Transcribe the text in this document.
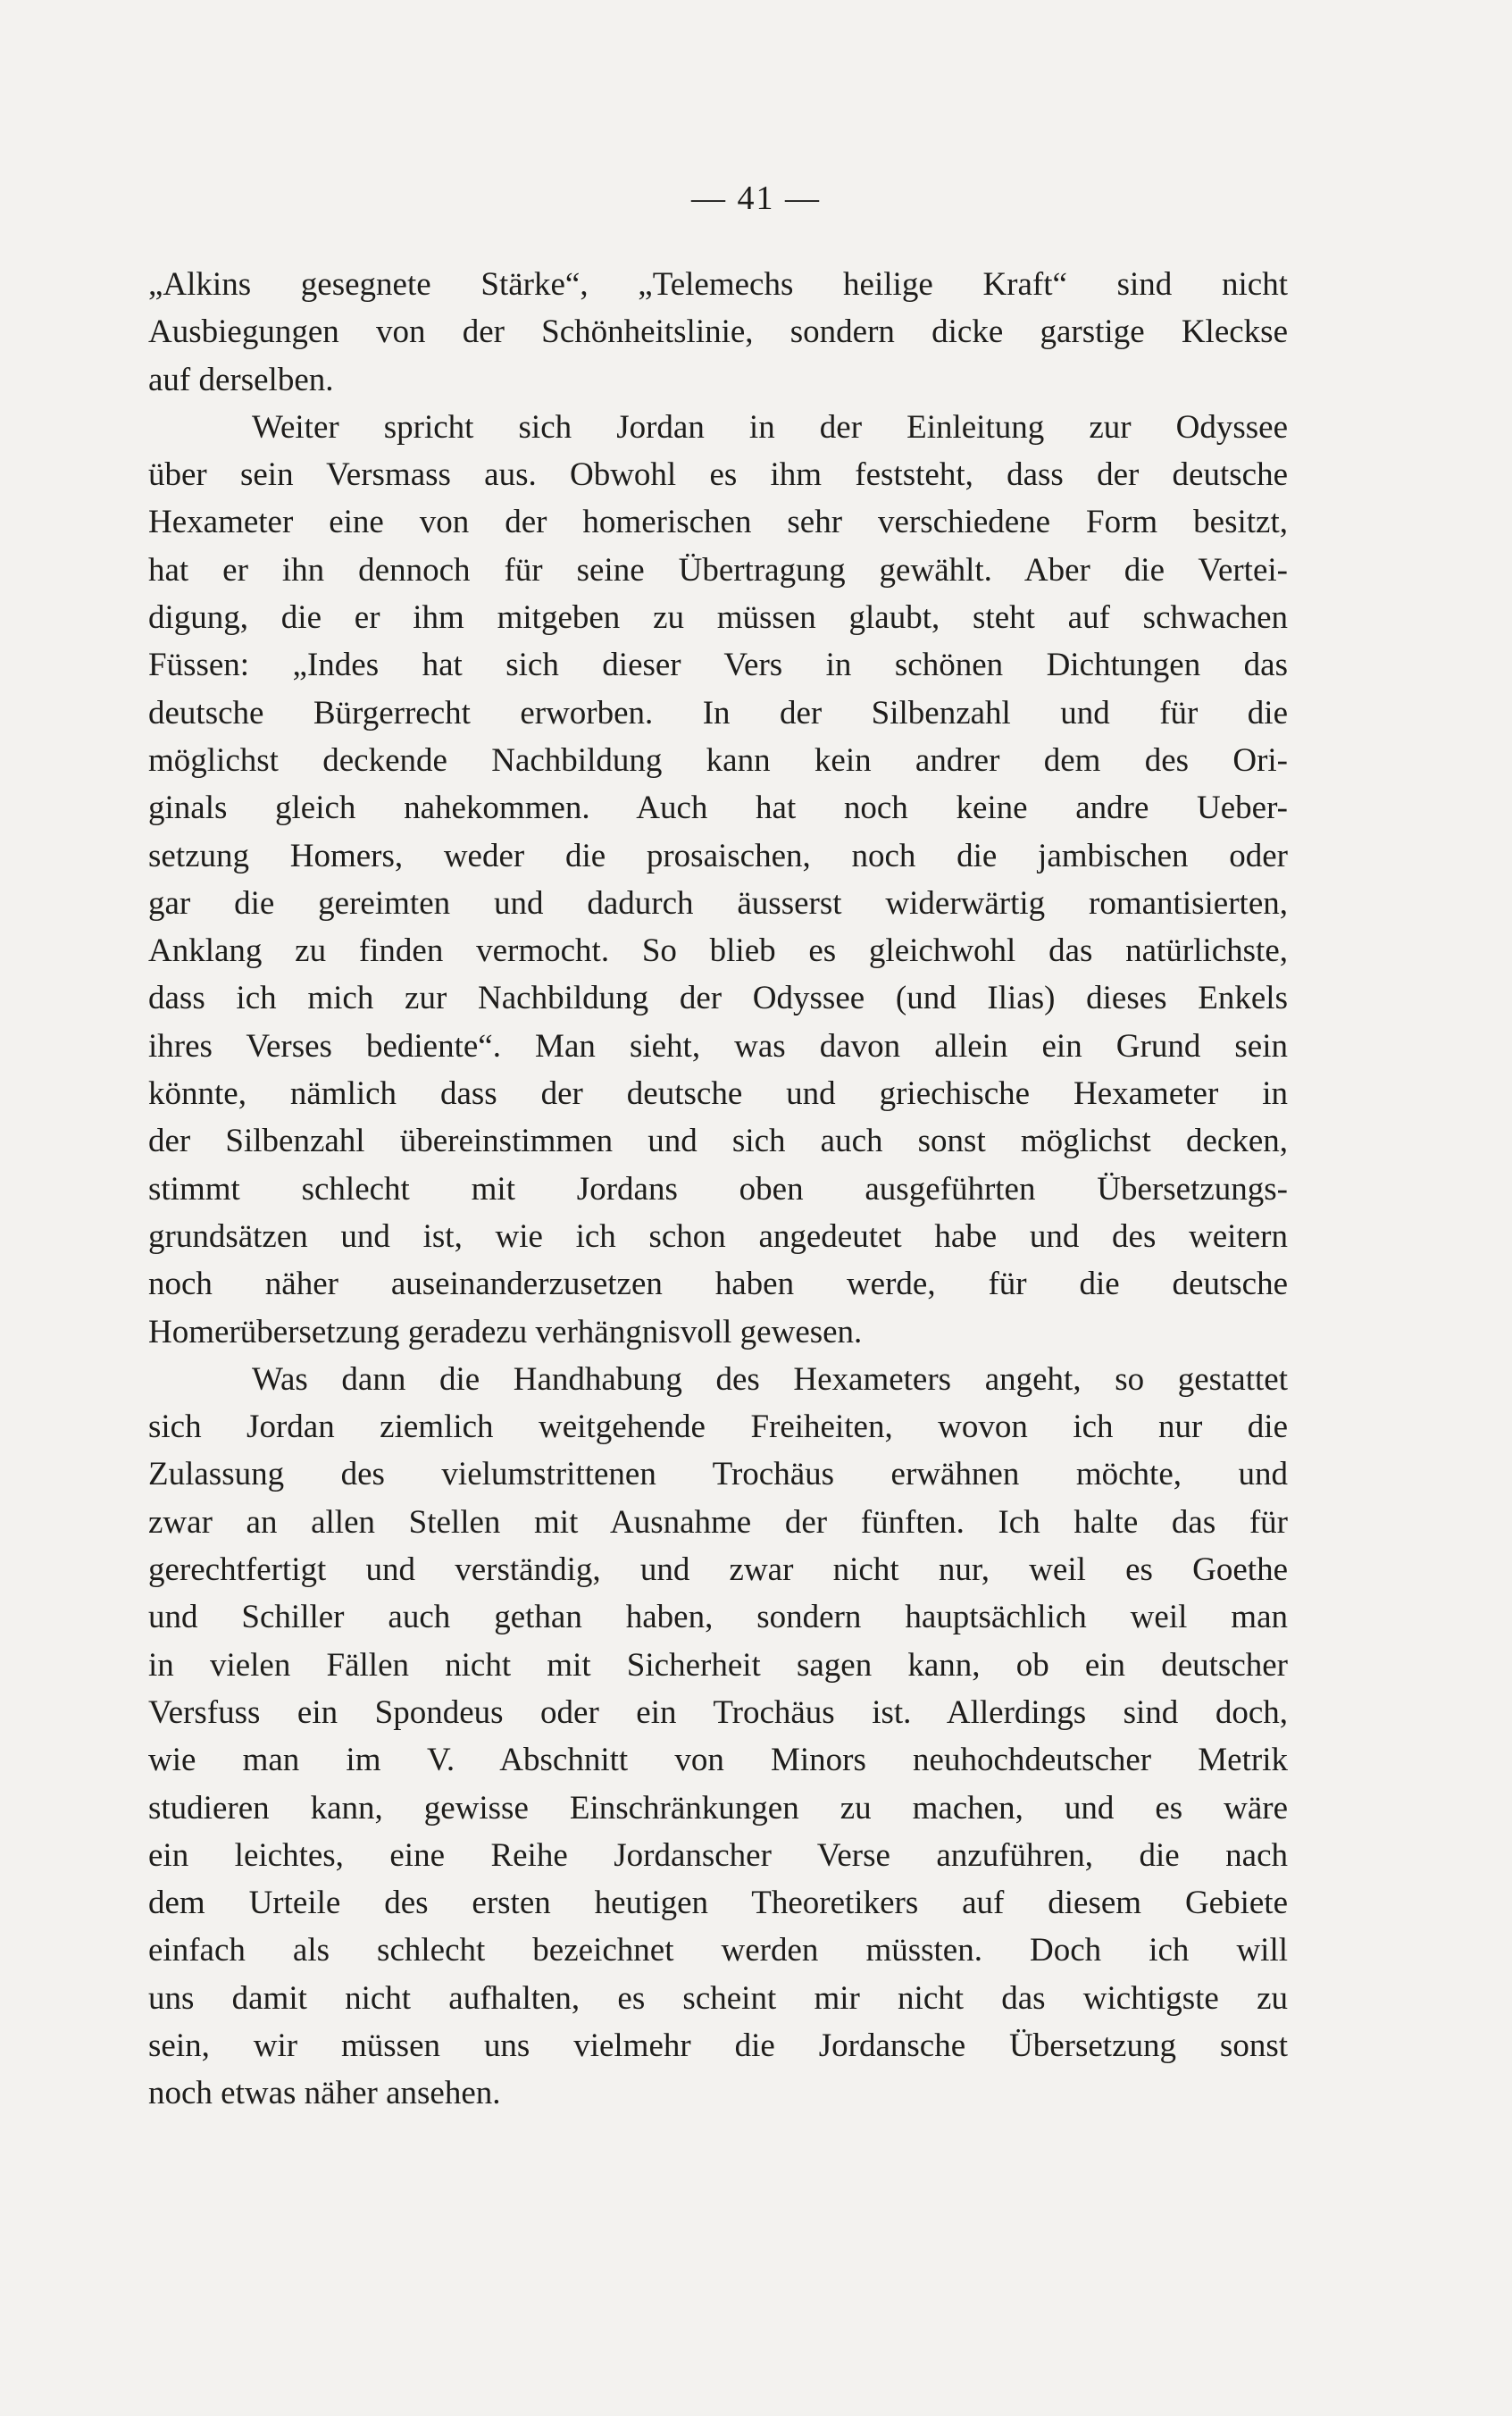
— 41 —
„Alkins gesegnete Stärke“, „Telemechs heilige Kraft“ sind nicht
Ausbiegungen von der Schönheitslinie, sondern dicke garstige Kleckse
auf derselben.
Weiter spricht sich Jordan in der Einleitung zur Odyssee
über sein Versmass aus. Obwohl es ihm feststeht, dass der deutsche
Hexameter eine von der homerischen sehr verschiedene Form besitzt,
hat er ihn dennoch für seine Übertragung gewählt. Aber die Vertei-
digung, die er ihm mitgeben zu müssen glaubt, steht auf schwachen
Füssen: „Indes hat sich dieser Vers in schönen Dichtungen das
deutsche Bürgerrecht erworben. In der Silbenzahl und für die
möglichst deckende Nachbildung kann kein andrer dem des Ori-
ginals gleich nahekommen. Auch hat noch keine andre Ueber-
setzung Homers, weder die prosaischen, noch die jambischen oder
gar die gereimten und dadurch äusserst widerwärtig romantisierten,
Anklang zu finden vermocht. So blieb es gleichwohl das natürlichste,
dass ich mich zur Nachbildung der Odyssee (und Ilias) dieses Enkels
ihres Verses bediente“. Man sieht, was davon allein ein Grund sein
könnte, nämlich dass der deutsche und griechische Hexameter in
der Silbenzahl übereinstimmen und sich auch sonst möglichst decken,
stimmt schlecht mit Jordans oben ausgeführten Übersetzungs-
grundsätzen und ist, wie ich schon angedeutet habe und des weitern
noch näher auseinanderzusetzen haben werde, für die deutsche
Homerübersetzung geradezu verhängnisvoll gewesen.
Was dann die Handhabung des Hexameters angeht, so gestattet
sich Jordan ziemlich weitgehende Freiheiten, wovon ich nur die
Zulassung des vielumstrittenen Trochäus erwähnen möchte, und
zwar an allen Stellen mit Ausnahme der fünften. Ich halte das für
gerechtfertigt und verständig, und zwar nicht nur, weil es Goethe
und Schiller auch gethan haben, sondern hauptsächlich weil man
in vielen Fällen nicht mit Sicherheit sagen kann, ob ein deutscher
Versfuss ein Spondeus oder ein Trochäus ist. Allerdings sind doch,
wie man im V. Abschnitt von Minors neuhochdeutscher Metrik
studieren kann, gewisse Einschränkungen zu machen, und es wäre
ein leichtes, eine Reihe Jordanscher Verse anzuführen, die nach
dem Urteile des ersten heutigen Theoretikers auf diesem Gebiete
einfach als schlecht bezeichnet werden müssten. Doch ich will
uns damit nicht aufhalten, es scheint mir nicht das wichtigste zu
sein, wir müssen uns vielmehr die Jordansche Übersetzung sonst
noch etwas näher ansehen.
